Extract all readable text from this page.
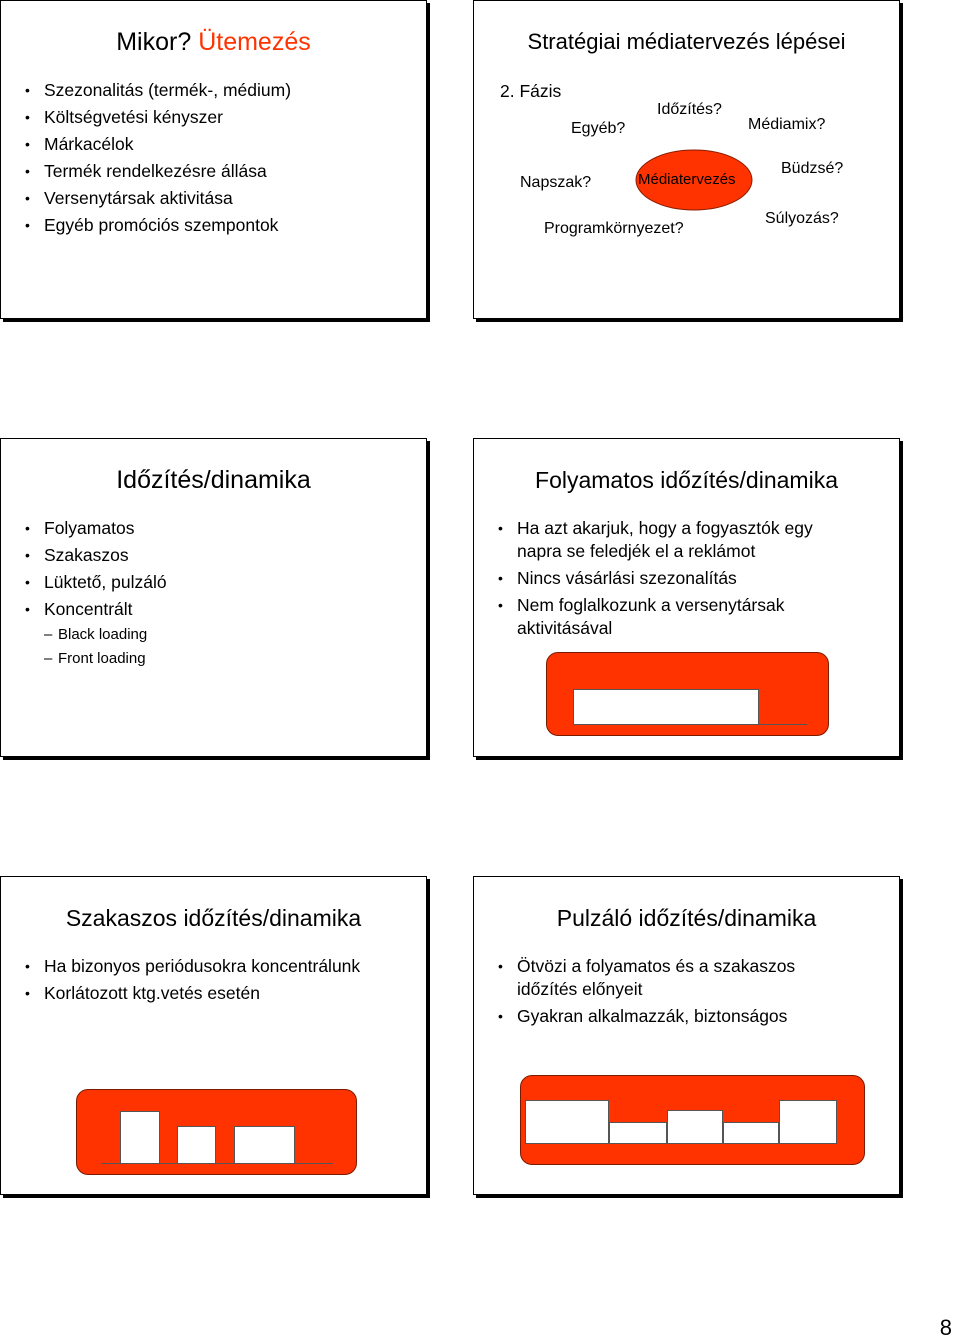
Mikor? Ütemezés
• Szezonalitás (termék-, médium)
• Költségvetési kényszer
• Márkacélok
• Termék rendelkezésre állása
• Versenytársak aktivitása
• Egyéb promóciós szempontok
Stratégiai médiatervezés lépései
2. Fázis
Médiatervezés
Egyéb?
Időzítés?
Médiamix?
Napszak?
Büdzsé?
Súlyozás?
Programkörnyezet?
Időzítés/dinamika
• Folyamatos
• Szakaszos
• Lüktető, pulzáló
• Koncentrált
– Black loading
– Front loading
Folyamatos időzítés/dinamika
• Ha azt akarjuk, hogy a fogyasztók egy
napra se feledjék el a reklámot
• Nincs vásárlási szezonalítás
• Nem foglalkozunk a versenytársak
aktivitásával
Szakaszos időzítés/dinamika
• Ha bizonyos periódusokra koncentrálunk
• Korlátozott ktg.vetés esetén
Pulzáló időzítés/dinamika
• Ötvözi a folyamatos és a szakaszos
időzítés előnyeit
• Gyakran alkalmazzák, biztonságos
8
